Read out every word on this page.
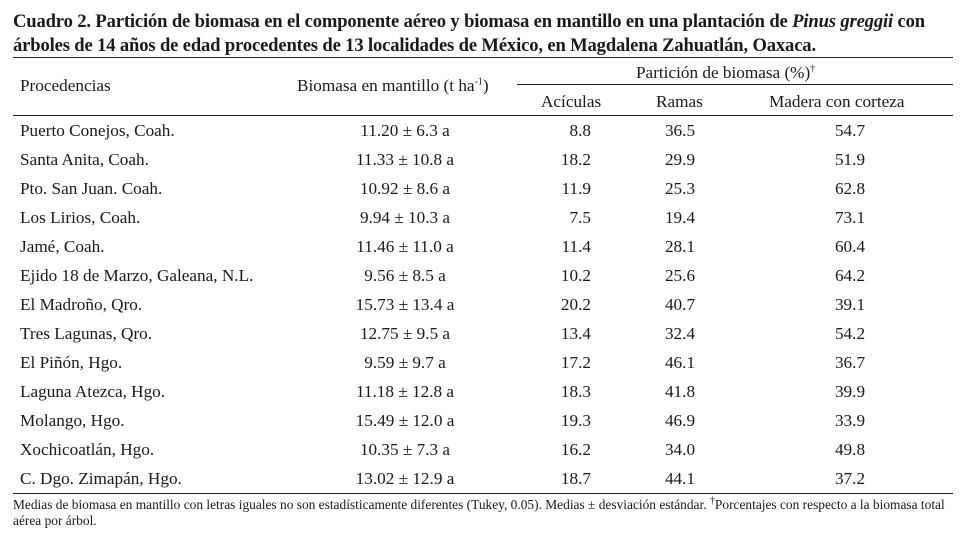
Cuadro 2. Partición de biomasa en el componente aéreo y biomasa en mantillo en una plantación de Pinus greggii con árboles de 14 años de edad procedentes de 13 localidades de México, en Magdalena Zahuatlán, Oaxaca.
Procedencias	Biomasa en mantillo (t $ha^{-1}$)
Partición de biomasa (%)†
Acículas	Ramas	Madera con corteza
Puerto Conejos, Coah.	11.20 ± 6.3 a	8.8	36.5	54.7
Santa Anita, Coah.	11.33 ± 10.8 a	18.2	29.9	51.9
Pto. San Juan. Coah.	10.92 ± 8.6 a	11.9	25.3	62.8
Los Lirios, Coah.	9.94 ± 10.3 a	7.5	19.4	73.1
Jamé, Coah.	11.46 ± 11.0 a	11.4	28.1	60.4
Ejido 18 de Marzo, Galeana, N.L.	9.56 ± 8.5 a	10.2	25.6	64.2
El Madroño, Qro.	15.73 ± 13.4 a	20.2	40.7	39.1
Tres Lagunas, Qro.	12.75 ± 9.5 a	13.4	32.4	54.2
El Piñón, Hgo.	9.59 ± 9.7 a	17.2	46.1	36.7
Laguna Atezca, Hgo.	11.18 ± 12.8 a	18.3	41.8	39.9
Molango, Hgo.	15.49 ± 12.0 a	19.3	46.9	33.9
Xochicoatlán, Hgo.	10.35 ± 7.3 a	16.2	34.0	49.8
C. Dgo. Zimapán, Hgo.	13.02 ± 12.9 a	18.7	44.1	37.2
Medias de biomasa en mantillo con letras iguales no son estadísticamente diferentes (Tukey, 0.05). Medias ± desviación estándar. †Porcentajes con respecto a la biomasa total aérea por árbol.
